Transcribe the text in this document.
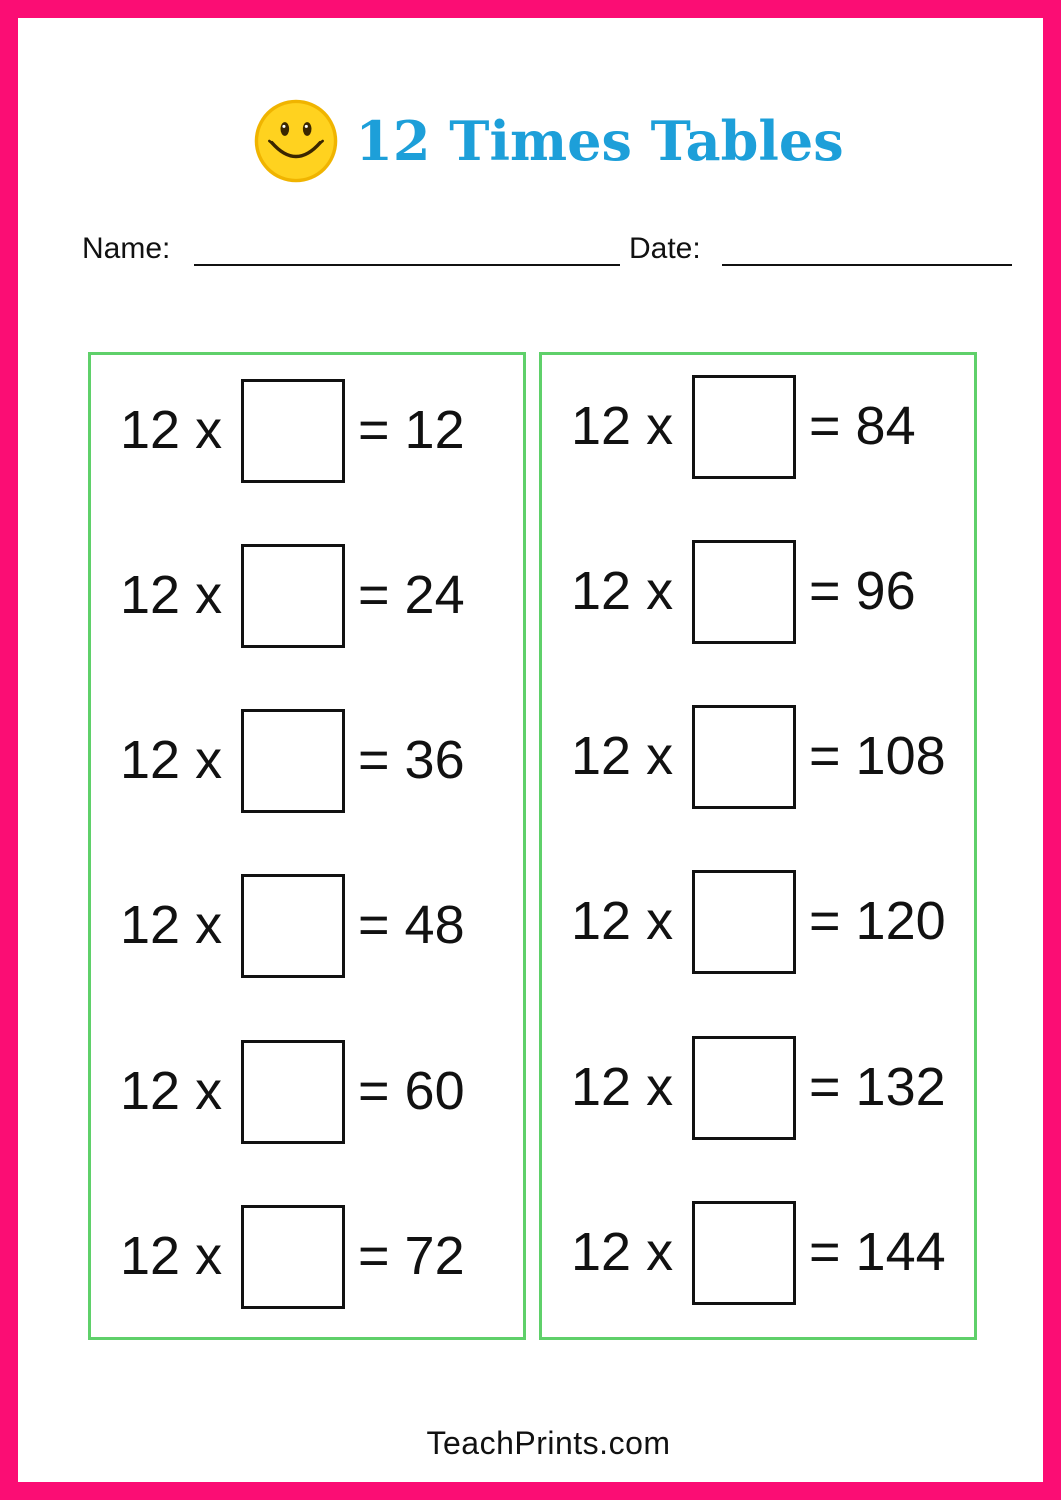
12 Times Tables
Name:	Date:
12 x	= 12
12 x	= 24
12 x	= 36
12 x	= 48
12 x	= 60
12 x	= 72
12 x	= 84
12 x	= 96
12 x	= 108
12 x	= 120
12 x	= 132
12 x	= 144
TeachPrints.com
